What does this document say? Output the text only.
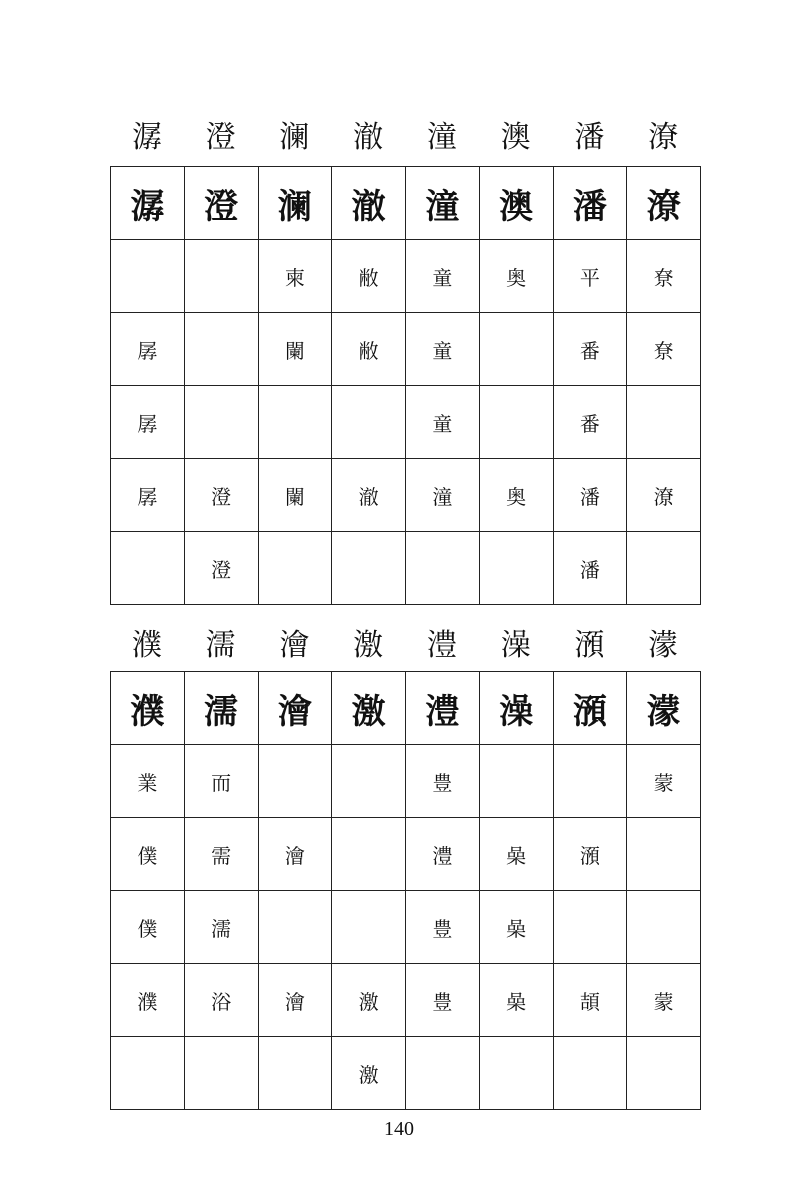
潺	澄	澜	澈	潼	澳	潘	潦
潺	澄	澜	澈	潼	澳	潘	潦
		柬	敝	童	奥	平	尞
孱		闌	敝	童		番	尞
孱				童		番	
孱	澄	闌	澈	潼	奥	潘	潦
	澄					潘	
濮	濡	澮	激	澧	澡	澦	濛
濮	濡	澮	激	澧	澡	澦	濛
業	而			豊			蒙
僕	需	澮		澧	喿	澦	
僕	濡			豊	喿		
濮	浴	澮	激	豊	喿	頡	蒙
			激				
140
